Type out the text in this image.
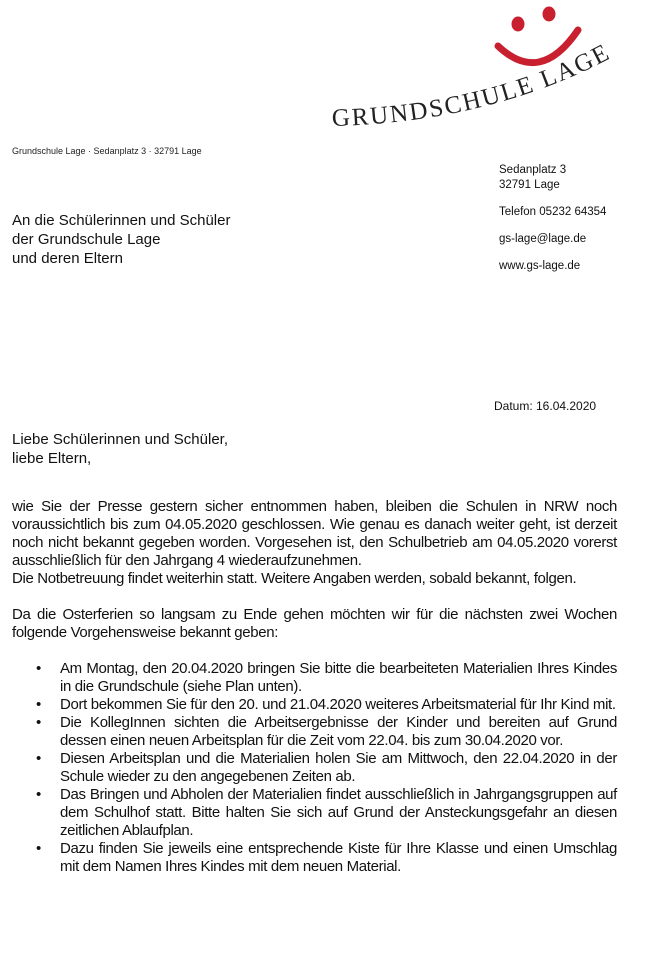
GRUNDSCHULE LAGE
Grundschule Lage · Sedanplatz 3 · 32791 Lage
An die Schülerinnen und Schüler
der Grundschule Lage
und deren Eltern
Sedanplatz 3
32791 Lage
Telefon 05232 64354
gs-lage@lage.de
www.gs-lage.de
Datum: 16.04.2020
Liebe Schülerinnen und Schüler,
liebe Eltern,

wie Sie der Presse gestern sicher entnommen haben, bleiben die Schulen in NRW noch voraussichtlich bis zum 04.05.2020 geschlossen. Wie genau es danach weiter geht, ist derzeit noch nicht bekannt gegeben worden. Vorgesehen ist, den Schulbetrieb am 04.05.2020 vorerst ausschließlich für den Jahrgang 4 wiederaufzunehmen.

Die Notbetreuung findet weiterhin statt. Weitere Angaben werden, sobald bekannt, folgen.

Da die Osterferien so langsam zu Ende gehen möchten wir für die nächsten zwei Wochen folgende Vorgehensweise bekannt geben:

• Am Montag, den 20.04.2020 bringen Sie bitte die bearbeiteten Materialien Ihres Kindes in die Grundschule (siehe Plan unten).
• Dort bekommen Sie für den 20. und 21.04.2020 weiteres Arbeitsmaterial für Ihr Kind mit.
• Die KollegInnen sichten die Arbeitsergebnisse der Kinder und bereiten auf Grund dessen einen neuen Arbeitsplan für die Zeit vom 22.04. bis zum 30.04.2020 vor.
• Diesen Arbeitsplan und die Materialien holen Sie am Mittwoch, den 22.04.2020 in der Schule wieder zu den angegebenen Zeiten ab.
• Das Bringen und Abholen der Materialien findet ausschließlich in Jahrgangsgruppen auf dem Schulhof statt. Bitte halten Sie sich auf Grund der Ansteckungsgefahr an diesen zeitlichen Ablaufplan.
• Dazu finden Sie jeweils eine entsprechende Kiste für Ihre Klasse und einen Umschlag mit dem Namen Ihres Kindes mit dem neuen Material.
